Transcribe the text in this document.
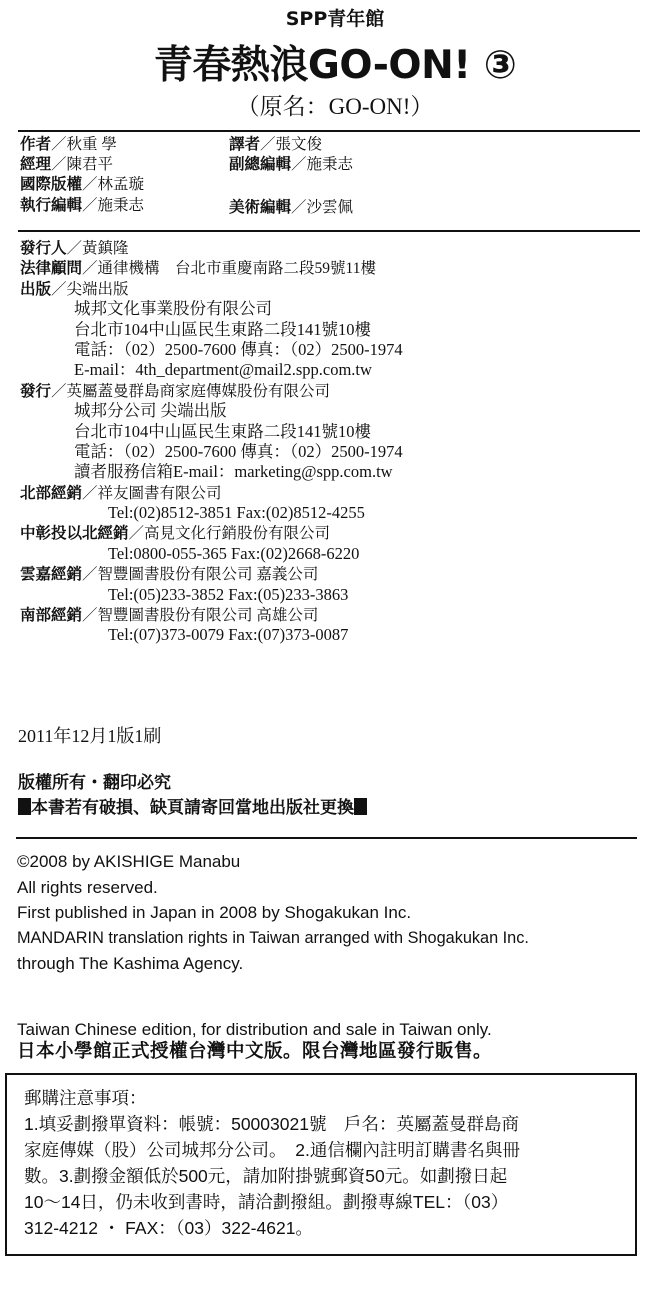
SPP青年館
青春熱浪GO-ON! ③
（原名：GO-ON!）
作者／秋重 學	譯者／張文俊
經理／陳君平	副總編輯／施秉志
國際版權／林孟璇
執行編輯／施秉志	美術編輯／沙雲佩
發行人／黃鎮隆
法律顧問／通律機構　台北市重慶南路二段59號11樓
出版／尖端出版
城邦文化事業股份有限公司
台北市104中山區民生東路二段141號10樓
電話：（02）2500-7600 傳真：（02）2500-1974
E-mail：4th_department@mail2.spp.com.tw
發行／英屬蓋曼群島商家庭傳媒股份有限公司
城邦分公司 尖端出版
台北市104中山區民生東路二段141號10樓
電話：（02）2500-7600 傳真：（02）2500-1974
讀者服務信箱E-mail：marketing@spp.com.tw
北部經銷／祥友圖書有限公司
Tel:(02)8512-3851 Fax:(02)8512-4255
中彰投以北經銷／高見文化行銷股份有限公司
Tel:0800-055-365 Fax:(02)2668-6220
雲嘉經銷／智豐圖書股份有限公司 嘉義公司
Tel:(05)233-3852 Fax:(05)233-3863
南部經銷／智豐圖書股份有限公司 高雄公司
Tel:(07)373-0079 Fax:(07)373-0087
2011年12月1版1刷
版權所有・翻印必究
本書若有破損、缺頁請寄回當地出版社更換
©2008 by AKISHIGE Manabu
All rights reserved.
First published in Japan in 2008 by Shogakukan Inc.
MANDARIN translation rights in Taiwan arranged with Shogakukan Inc.
through The Kashima Agency.
Taiwan Chinese edition, for distribution and sale in Taiwan only.
日本小學館正式授權台灣中文版。限台灣地區發行販售。
郵購注意事項：
1.填妥劃撥單資料：帳號：50003021號　戶名：英屬蓋曼群島商
家庭傳媒（股）公司城邦分公司。　2.通信欄內註明訂購書名與冊
數。3.劃撥金額低於500元，請加附掛號郵資50元。如劃撥日起
10～14日，仍未收到書時，請洽劃撥組。劃撥專線TEL：（03）
312-4212 ・ FAX：（03）322-4621。
